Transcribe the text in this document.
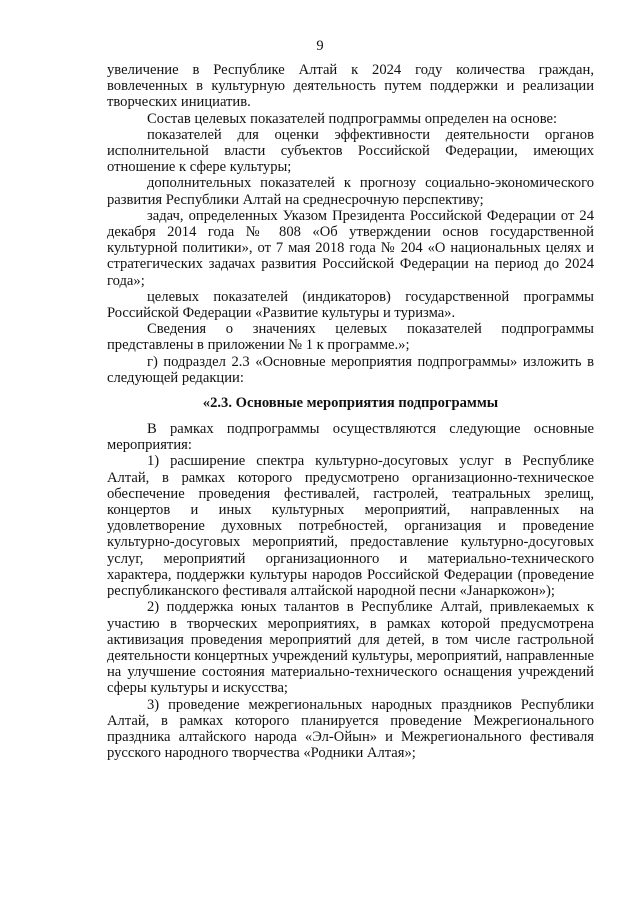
9

увеличение в Республике Алтай к 2024 году количества граждан, вовлеченных в культурную деятельность путем поддержки и реализации творческих инициатив.

Состав целевых показателей подпрограммы определен на основе:

показателей для оценки эффективности деятельности органов исполнительной власти субъектов Российской Федерации, имеющих отношение к сфере культуры;

дополнительных показателей к прогнозу социально-экономического развития Республики Алтай на среднесрочную перспективу;

задач, определенных Указом Президента Российской Федерации от 24 декабря 2014 года № 808 «Об утверждении основ государственной культурной политики», от 7 мая 2018 года № 204 «О национальных целях и стратегических задачах развития Российской Федерации на период до 2024 года»;

целевых показателей (индикаторов) государственной программы Российской Федерации «Развитие культуры и туризма».

Сведения о значениях целевых показателей подпрограммы представлены в приложении № 1 к программе.»;

г) подраздел 2.3 «Основные мероприятия подпрограммы» изложить в следующей редакции:

«2.3. Основные мероприятия подпрограммы

В рамках подпрограммы осуществляются следующие основные мероприятия:

1) расширение спектра культурно-досуговых услуг в Республике Алтай, в рамках которого предусмотрено организационно-техническое обеспечение проведения фестивалей, гастролей, театральных зрелищ, концертов и иных культурных мероприятий, направленных на удовлетворение духовных потребностей, организация и проведение культурно-досуговых мероприятий, предоставление культурно-досуговых услуг, мероприятий организационного и материально-технического характера, поддержки культуры народов Российской Федерации (проведение республиканского фестиваля алтайской народной песни «Jанаркожон»);

2) поддержка юных талантов в Республике Алтай, привлекаемых к участию в творческих мероприятиях, в рамках которой предусмотрена активизация проведения мероприятий для детей, в том числе гастрольной деятельности концертных учреждений культуры, мероприятий, направленные на улучшение состояния материально-технического оснащения учреждений сферы культуры и искусства;

3) проведение межрегиональных народных праздников Республики Алтай, в рамках которого планируется проведение Межрегионального праздника алтайского народа «Эл-Ойын» и Межрегионального фестиваля русского народного творчества «Родники Алтая»;
